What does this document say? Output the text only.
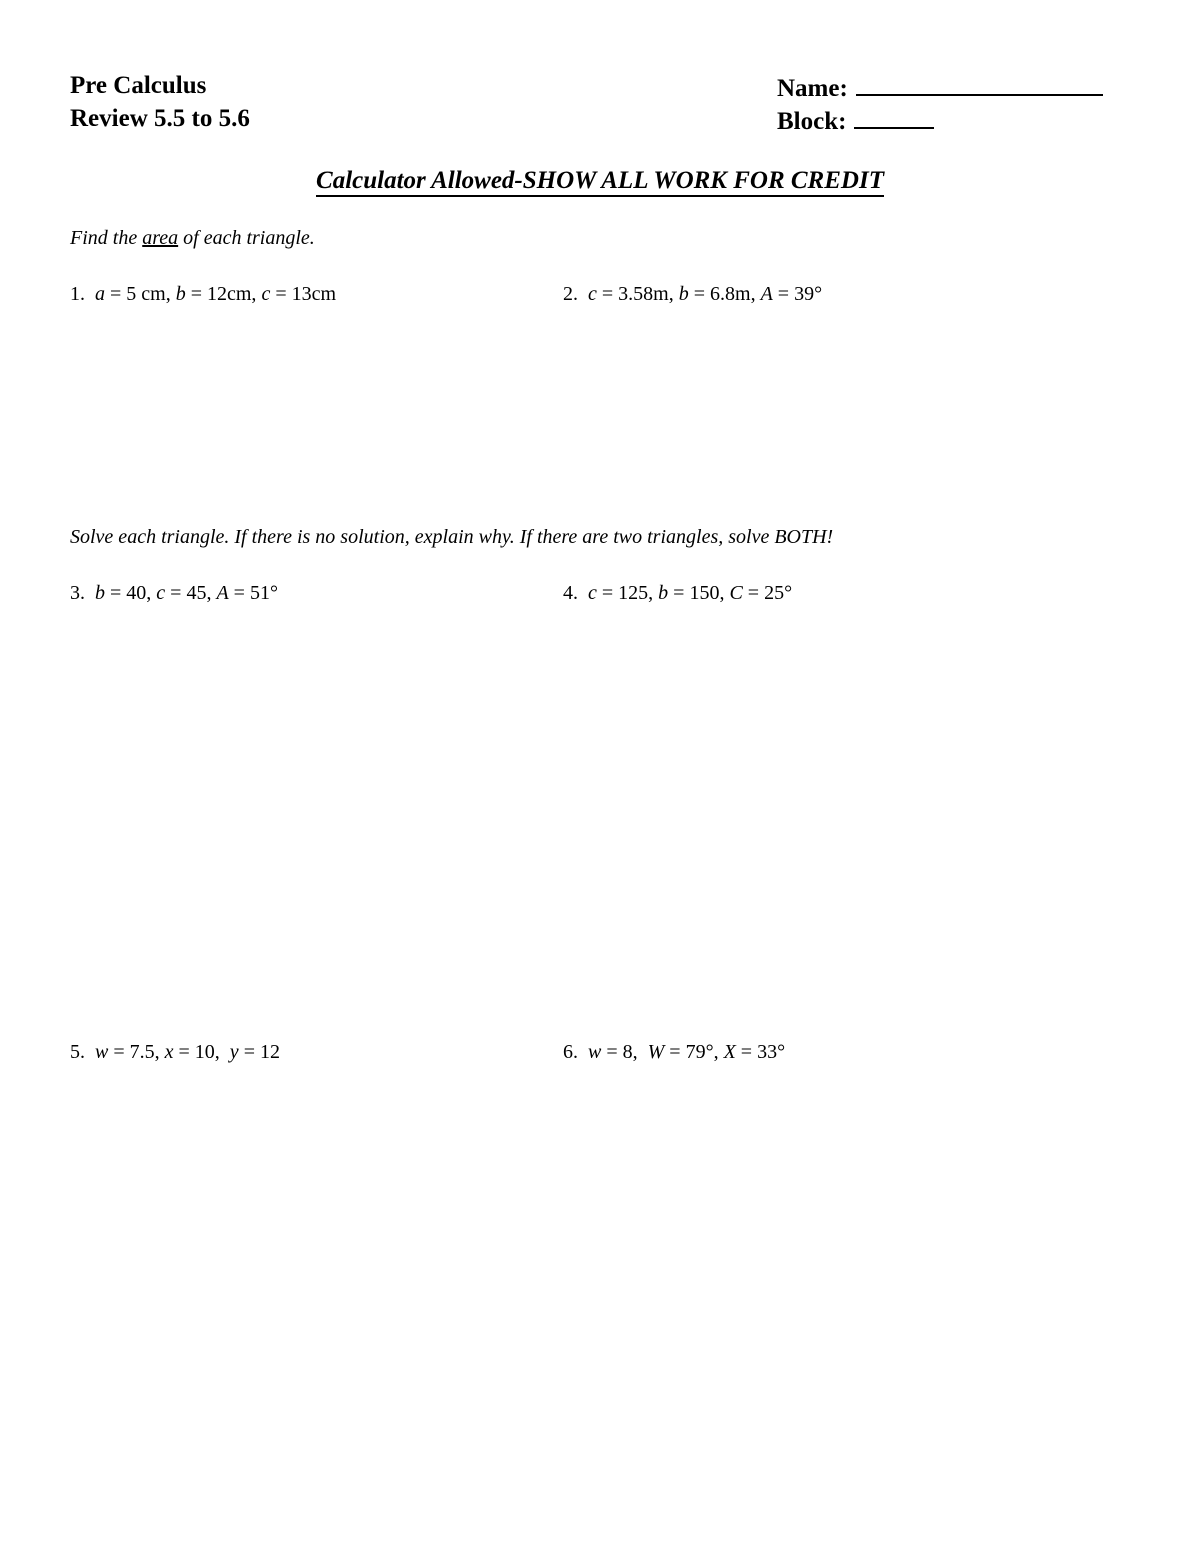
Pre Calculus
Review 5.5 to 5.6
Name:
Block:
Calculator Allowed-SHOW ALL WORK FOR CREDIT
Find the area of each triangle.
1.  a = 5 cm, b = 12cm, c = 13cm	2.  c = 3.58m, b = 6.8m, A = 39°
Solve each triangle. If there is no solution, explain why. If there are two triangles, solve BOTH!
3.  b = 40, c = 45, A = 51°	4.  c = 125, b = 150, C = 25°
5.  w = 7.5, x = 10,  y = 12	6.  w = 8,  W = 79°, X = 33°
